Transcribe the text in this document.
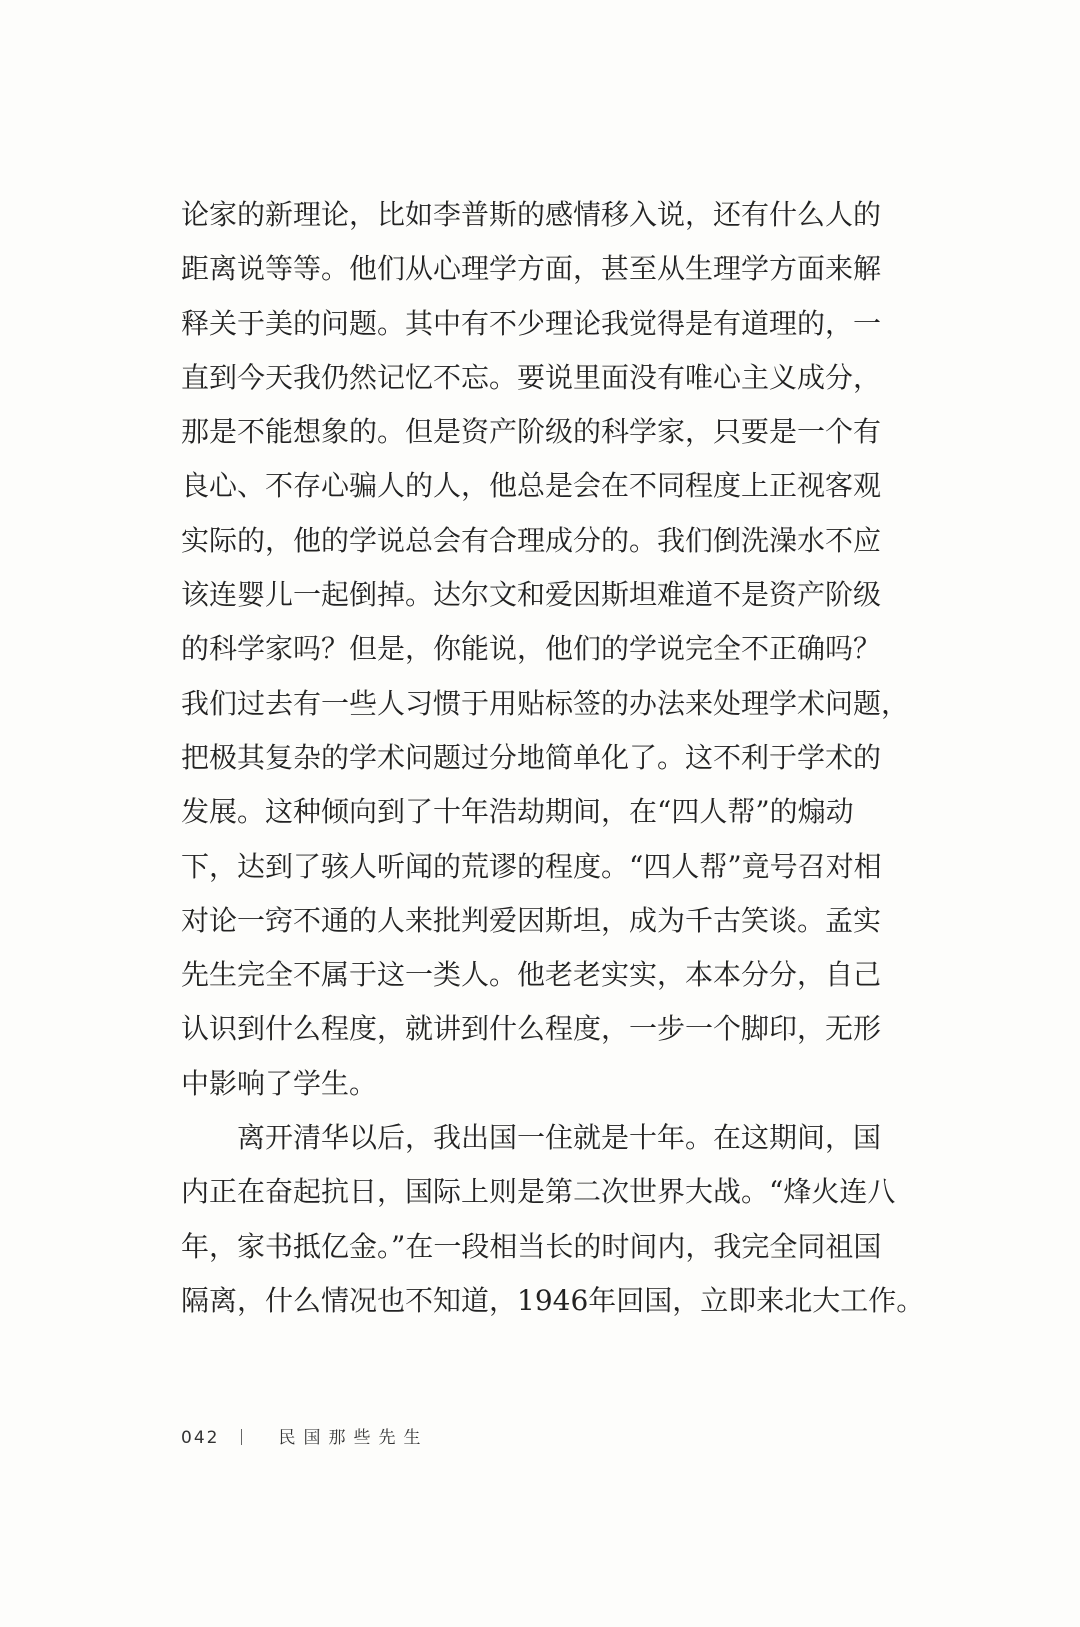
论家的新理论，比如李普斯的感情移入说，还有什么人的
距离说等等。他们从心理学方面，甚至从生理学方面来解
释关于美的问题。其中有不少理论我觉得是有道理的，一
直到今天我仍然记忆不忘。要说里面没有唯心主义成分，
那是不能想象的。但是资产阶级的科学家，只要是一个有
良心、不存心骗人的人，他总是会在不同程度上正视客观
实际的，他的学说总会有合理成分的。我们倒洗澡水不应
该连婴儿一起倒掉。达尔文和爱因斯坦难道不是资产阶级
的科学家吗？但是，你能说，他们的学说完全不正确吗？
我们过去有一些人习惯于用贴标签的办法来处理学术问题，
把极其复杂的学术问题过分地简单化了。这不利于学术的
发展。这种倾向到了十年浩劫期间，在“四人帮”的煽动
下，达到了骇人听闻的荒谬的程度。“四人帮”竟号召对相
对论一窍不通的人来批判爱因斯坦，成为千古笑谈。孟实
先生完全不属于这一类人。他老老实实，本本分分，自己
认识到什么程度，就讲到什么程度，一步一个脚印，无形
中影响了学生。
离开清华以后，我出国一住就是十年。在这期间，国
内正在奋起抗日，国际上则是第二次世界大战。“烽火连八
年，家书抵亿金。”在一段相当长的时间内，我完全同祖国
隔离，什么情况也不知道，1946年回国，立即来北大工作。
042	民国那些先生
